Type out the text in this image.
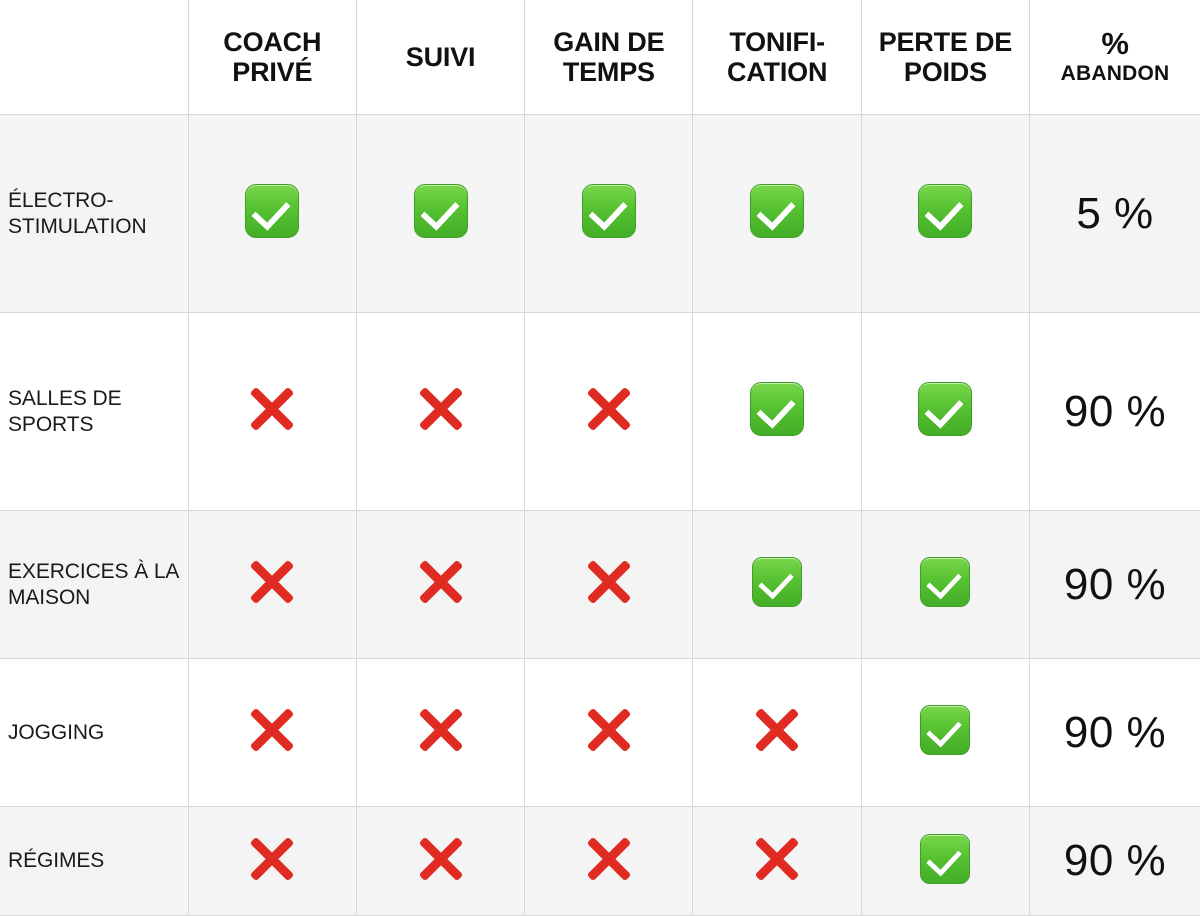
	COACH PRIVÉ	SUIVI	GAIN DE TEMPS	TONIFI-CATION	PERTE DE POIDS	%
ABANDON

ÉLECTRO-STIMULATION						5 %
SALLES DE SPORTS						90 %
EXERCICES À LA MAISON						90 %
JOGGING						90 %
RÉGIMES						90 %
